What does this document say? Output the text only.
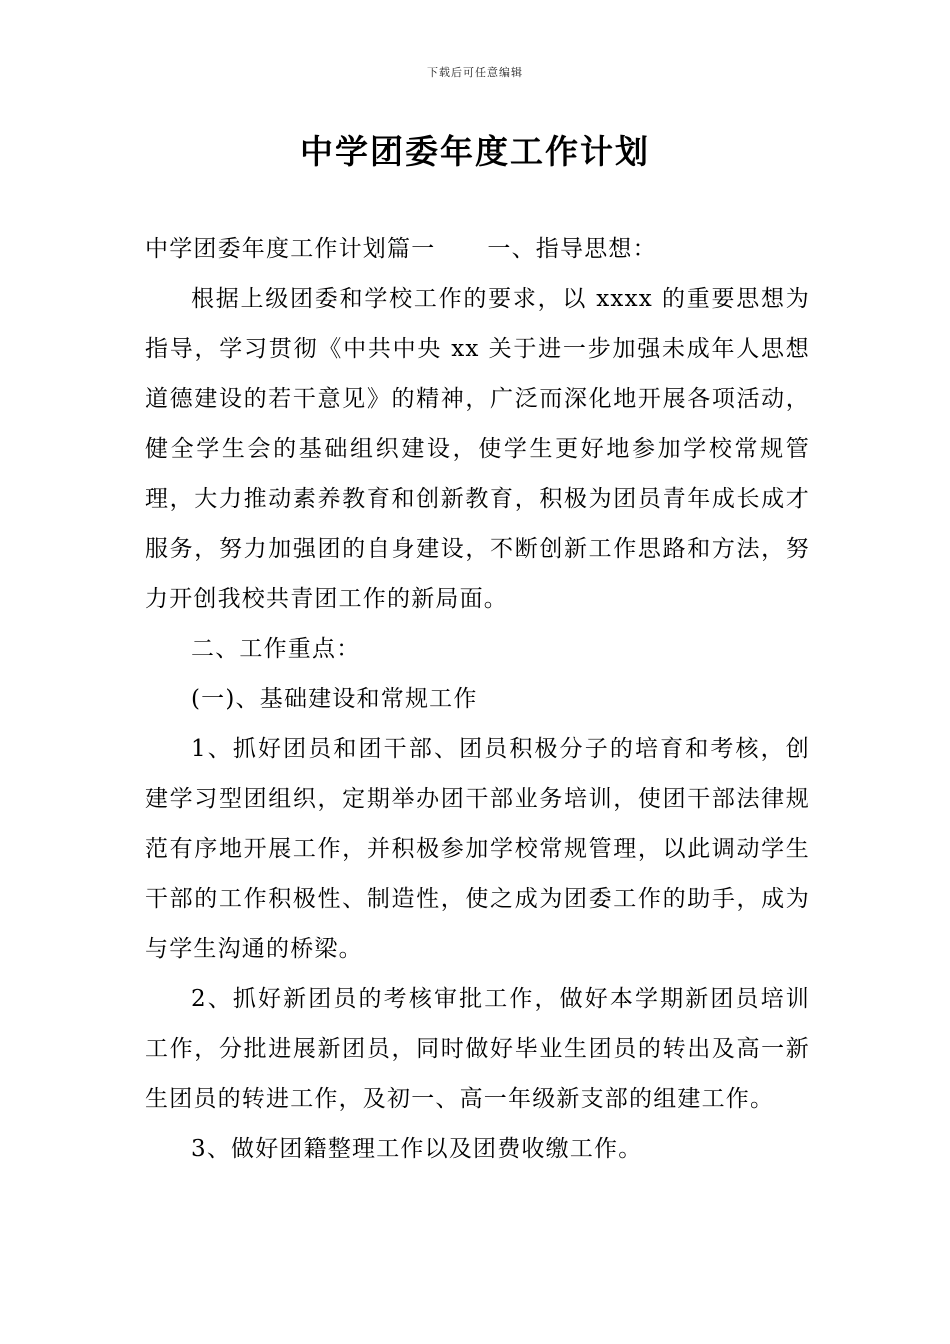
下载后可任意编辑
中学团委年度工作计划

中学团委年度工作计划篇一 一、指导思想：

根据上级团委和学校工作的要求，以 xxxx 的重要思想为指导，学习贯彻《中共中央 xx 关于进一步加强未成年人思想道德建设的若干意见》的精神，广泛而深化地开展各项活动，健全学生会的基础组织建设，使学生更好地参加学校常规管理，大力推动素养教育和创新教育，积极为团员青年成长成才服务，努力加强团的自身建设，不断创新工作思路和方法，努力开创我校共青团工作的新局面。

二、工作重点：

(一)、基础建设和常规工作

1、抓好团员和团干部、团员积极分子的培育和考核，创建学习型团组织，定期举办团干部业务培训，使团干部法律规范有序地开展工作，并积极参加学校常规管理，以此调动学生干部的工作积极性、制造性，使之成为团委工作的助手，成为与学生沟通的桥梁。

2、抓好新团员的考核审批工作，做好本学期新团员培训工作，分批进展新团员，同时做好毕业生团员的转出及高一新生团员的转进工作，及初一、高一年级新支部的组建工作。

3、做好团籍整理工作以及团费收缴工作。
